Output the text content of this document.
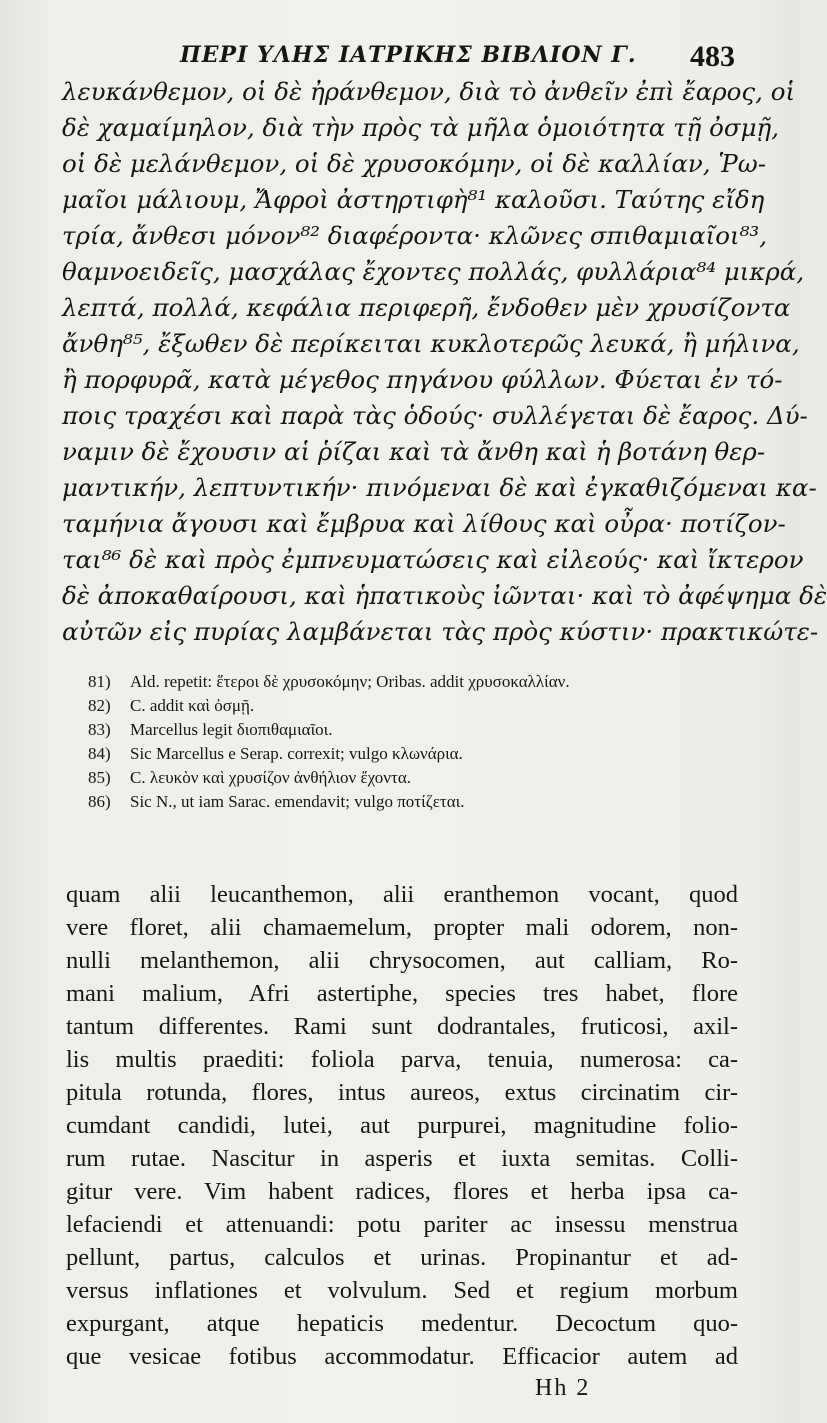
ΠΕΡΙ ΥΛΗΣ ΙΑΤΡΙΚΗΣ ΒΙΒΛΙΟΝ Γ. 483
λευκάνθεμον, οἱ δὲ ἠράνθεμον, διὰ τὸ ἀνθεῖν ἐπὶ ἔαρος, οἱ
δὲ χαμαίμηλον, διὰ τὴν πρὸς τὰ μῆλα ὁμοιότητα τῇ ὀσμῇ,
οἱ δὲ μελάνθεμον, οἱ δὲ χρυσοκόμην, οἱ δὲ καλλίαν, Ῥω-
μαῖοι μάλιουμ, Ἄφροὶ ἀστηρτιφὴ⁸¹ καλοῦσι. Ταύτης εἴδη
τρία, ἄνθεσι μόνον⁸² διαφέροντα· κλῶνες σπιθαμιαῖοι⁸³,
θαμνοειδεῖς, μασχάλας ἔχοντες πολλάς, φυλλάρια⁸⁴ μικρά,
λεπτά, πολλά, κεφάλια περιφερῆ, ἔνδοθεν μὲν χρυσίζοντα
ἄνθη⁸⁵, ἔξωθεν δὲ περίκειται κυκλοτερῶς λευκά, ἢ μήλινα,
ἢ πορφυρᾶ, κατὰ μέγεθος πηγάνου φύλλων. Φύεται ἐν τό-
ποις τραχέσι καὶ παρὰ τὰς ὁδούς· συλλέγεται δὲ ἔαρος. Δύ-
ναμιν δὲ ἔχουσιν αἱ ῥίζαι καὶ τὰ ἄνθη καὶ ἡ βοτάνη θερ-
μαντικήν, λεπτυντικήν· πινόμεναι δὲ καὶ ἐγκαθιζόμεναι κα-
ταμήνια ἄγουσι καὶ ἔμβρυα καὶ λίθους καὶ οὖρα· ποτίζον-
ται⁸⁶ δὲ καὶ πρὸς ἐμπνευματώσεις καὶ εἰλεούς· καὶ ἴκτερον
δὲ ἀποκαθαίρουσι, καὶ ἡπατικοὺς ἰῶνται· καὶ τὸ ἀφέψημα δὲ
αὐτῶν εἰς πυρίας λαμβάνεται τὰς πρὸς κύστιν· πρακτικώτε-
81) Ald. repetit: ἕτεροι δὲ χρυσοκόμην; Oribas. addit χρυσοκαλλίαν.
82) C. addit καὶ ὀσμῇ.
83) Marcellus legit διοπιθαμιαῖοι.
84) Sic Marcellus e Serap. correxit; vulgo κλωνάρια.
85) C. λευκὸν καὶ χρυσίζον ἀνθήλιον ἔχοντα.
86) Sic N., ut iam Sarac. emendavit; vulgo ποτίζεται.
quam alii leucanthemon, alii eranthemon vocant, quod
vere floret, alii chamaemelum, propter mali odorem, non-
nulli melanthemon, alii chrysocomen, aut calliam, Ro-
mani malium, Afri astertiphe, species tres habet, flore
tantum differentes. Rami sunt dodrantales, fruticosi, axil-
lis multis praediti: foliola parva, tenuia, numerosa: ca-
pitula rotunda, flores, intus aureos, extus circinatim cir-
cumdant candidi, lutei, aut purpurei, magnitudine folio-
rum rutae. Nascitur in asperis et iuxta semitas. Colli-
gitur vere. Vim habent radices, flores et herba ipsa ca-
lefaciendi et attenuandi: potu pariter ac insessu menstrua
pellunt, partus, calculos et urinas. Propinantur et ad-
versus inflationes et volvulum. Sed et regium morbum
expurgant, atque hepaticis medentur. Decoctum quo-
que vesicae fotibus accommodatur. Efficacior autem ad
Hh 2
